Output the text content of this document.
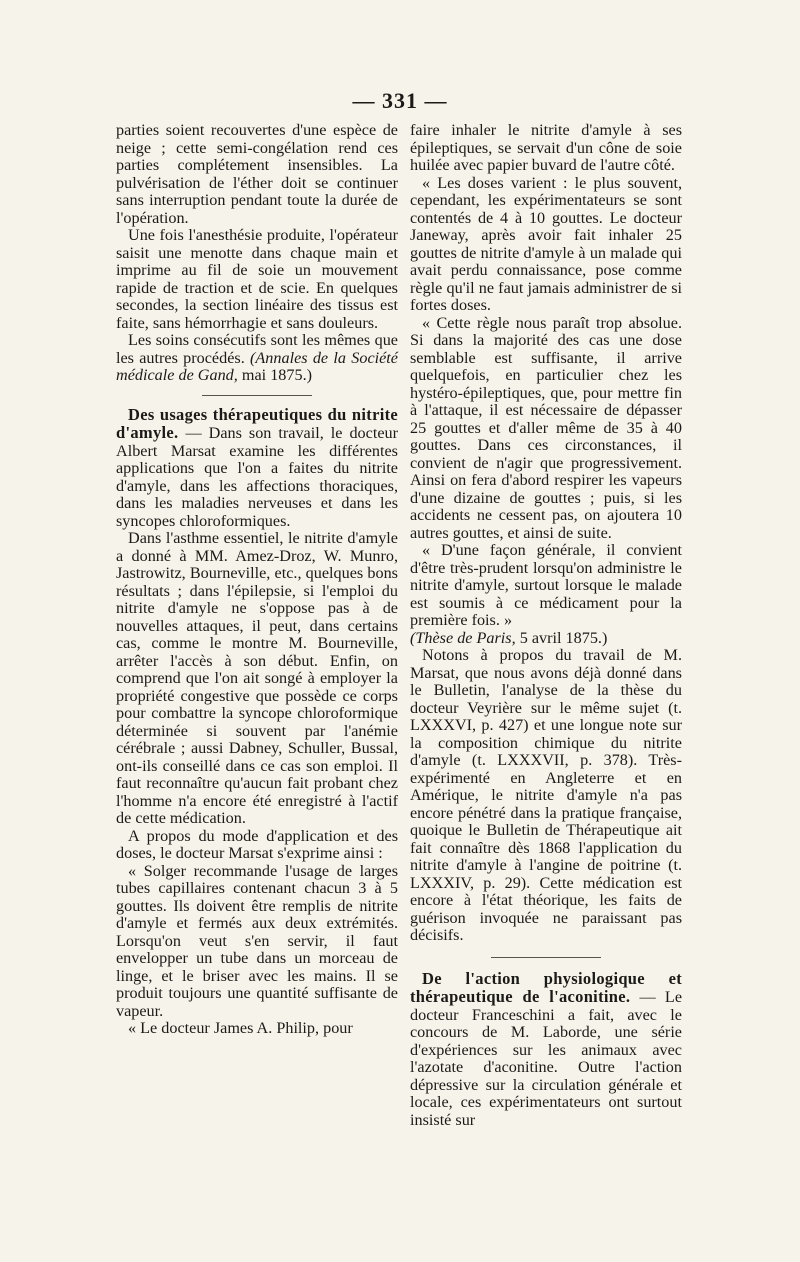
— 331 —

parties soient recouvertes d'une espèce de neige ; cette semi-congélation rend ces parties complétement insensibles. La pulvérisation de l'éther doit se continuer sans interruption pendant toute la durée de l'opération.

Une fois l'anesthésie produite, l'opérateur saisit une menotte dans chaque main et imprime au fil de soie un mouvement rapide de traction et de scie. En quelques secondes, la section linéaire des tissus est faite, sans hémorrhagie et sans douleurs.

Les soins consécutifs sont les mêmes que les autres procédés. (Annales de la Société médicale de Gand, mai 1875.)

Des usages thérapeutiques du nitrite d'amyle. — Dans son travail, le docteur Albert Marsat examine les différentes applications que l'on a faites du nitrite d'amyle, dans les affections thoraciques, dans les maladies nerveuses et dans les syncopes chloroformiques.

Dans l'asthme essentiel, le nitrite d'amyle a donné à MM. Amez-Droz, W. Munro, Jastrowitz, Bourneville, etc., quelques bons résultats ; dans l'épilepsie, si l'emploi du nitrite d'amyle ne s'oppose pas à de nouvelles attaques, il peut, dans certains cas, comme le montre M. Bourneville, arrêter l'accès à son début. Enfin, on comprend que l'on ait songé à employer la propriété congestive que possède ce corps pour combattre la syncope chloroformique déterminée si souvent par l'anémie cérébrale ; aussi Dabney, Schuller, Bussal, ont-ils conseillé dans ce cas son emploi. Il faut reconnaître qu'aucun fait probant chez l'homme n'a encore été enregistré à l'actif de cette médication.

A propos du mode d'application et des doses, le docteur Marsat s'exprime ainsi :

« Solger recommande l'usage de larges tubes capillaires contenant chacun 3 à 5 gouttes. Ils doivent être remplis de nitrite d'amyle et fermés aux deux extrémités. Lorsqu'on veut s'en servir, il faut envelopper un tube dans un morceau de linge, et le briser avec les mains. Il se produit toujours une quantité suffisante de vapeur.

« Le docteur James A. Philip, pour

faire inhaler le nitrite d'amyle à ses épileptiques, se servait d'un cône de soie huilée avec papier buvard de l'autre côté.

« Les doses varient : le plus souvent, cependant, les expérimentateurs se sont contentés de 4 à 10 gouttes. Le docteur Janeway, après avoir fait inhaler 25 gouttes de nitrite d'amyle à un malade qui avait perdu connaissance, pose comme règle qu'il ne faut jamais administrer de si fortes doses.

« Cette règle nous paraît trop absolue. Si dans la majorité des cas une dose semblable est suffisante, il arrive quelquefois, en particulier chez les hystéro-épileptiques, que, pour mettre fin à l'attaque, il est nécessaire de dépasser 25 gouttes et d'aller même de 35 à 40 gouttes. Dans ces circonstances, il convient de n'agir que progressivement. Ainsi on fera d'abord respirer les vapeurs d'une dizaine de gouttes ; puis, si les accidents ne cessent pas, on ajoutera 10 autres gouttes, et ainsi de suite.

« D'une façon générale, il convient d'être très-prudent lorsqu'on administre le nitrite d'amyle, surtout lorsque le malade est soumis à ce médicament pour la première fois. »

(Thèse de Paris, 5 avril 1875.)

Notons à propos du travail de M. Marsat, que nous avons déjà donné dans le Bulletin, l'analyse de la thèse du docteur Veyrière sur le même sujet (t. LXXXVI, p. 427) et une longue note sur la composition chimique du nitrite d'amyle (t. LXXXVII, p. 378). Très-expérimenté en Angleterre et en Amérique, le nitrite d'amyle n'a pas encore pénétré dans la pratique française, quoique le Bulletin de Thérapeutique ait fait connaître dès 1868 l'application du nitrite d'amyle à l'angine de poitrine (t. LXXXIV, p. 29). Cette médication est encore à l'état théorique, les faits de guérison invoquée ne paraissant pas décisifs.

De l'action physiologique et thérapeutique de l'aconitine. — Le docteur Franceschini a fait, avec le concours de M. Laborde, une série d'expériences sur les animaux avec l'azotate d'aconitine. Outre l'action dépressive sur la circulation générale et locale, ces expérimentateurs ont surtout insisté sur
